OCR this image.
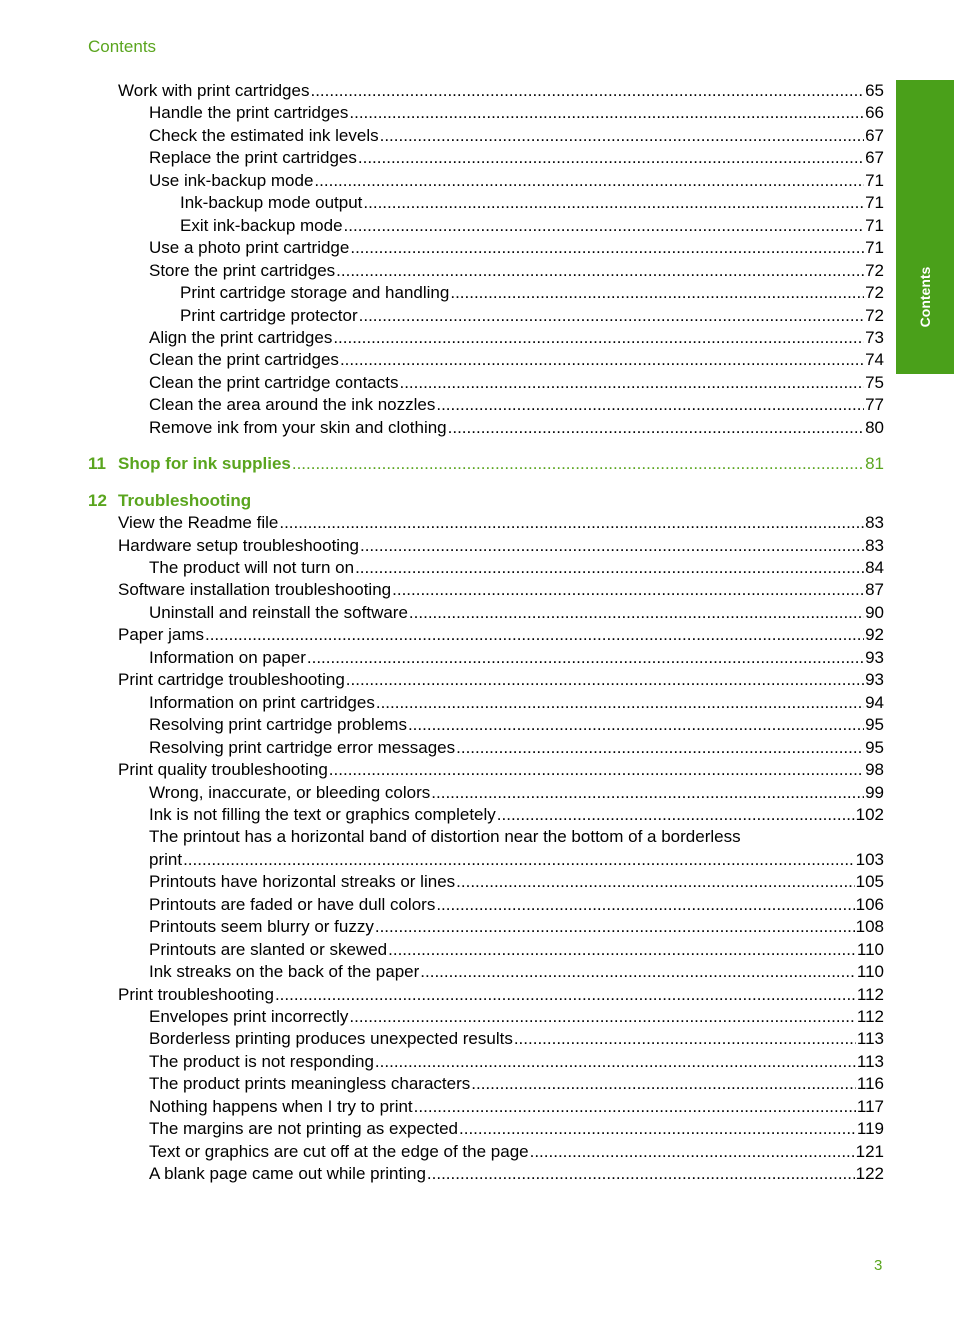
Contents
Contents
Work with print cartridges .....	65
Handle the print cartridges .....	66
Check the estimated ink levels .....	67
Replace the print cartridges .....	67
Use ink-backup mode .....	71
Ink-backup mode output .....	71
Exit ink-backup mode .....	71
Use a photo print cartridge .....	71
Store the print cartridges .....	72
Print cartridge storage and handling .....	72
Print cartridge protector .....	72
Align the print cartridges .....	73
Clean the print cartridges .....	74
Clean the print cartridge contacts .....	75
Clean the area around the ink nozzles .....	77
Remove ink from your skin and clothing .....	80
11 Shop for ink supplies .....	81
12 Troubleshooting
View the Readme file .....	83
Hardware setup troubleshooting .....	83
The product will not turn on .....	84
Software installation troubleshooting .....	87
Uninstall and reinstall the software .....	90
Paper jams .....	92
Information on paper .....	93
Print cartridge troubleshooting .....	93
Information on print cartridges .....	94
Resolving print cartridge problems .....	95
Resolving print cartridge error messages .....	95
Print quality troubleshooting .....	98
Wrong, inaccurate, or bleeding colors .....	99
Ink is not filling the text or graphics completely .....	102
The printout has a horizontal band of distortion near the bottom of a borderless
print .....	103
Printouts have horizontal streaks or lines .....	105
Printouts are faded or have dull colors .....	106
Printouts seem blurry or fuzzy .....	108
Printouts are slanted or skewed .....	110
Ink streaks on the back of the paper .....	110
Print troubleshooting .....	112
Envelopes print incorrectly .....	112
Borderless printing produces unexpected results .....	113
The product is not responding .....	113
The product prints meaningless characters .....	116
Nothing happens when I try to print .....	117
The margins are not printing as expected .....	119
Text or graphics are cut off at the edge of the page .....	121
A blank page came out while printing .....	122
3
